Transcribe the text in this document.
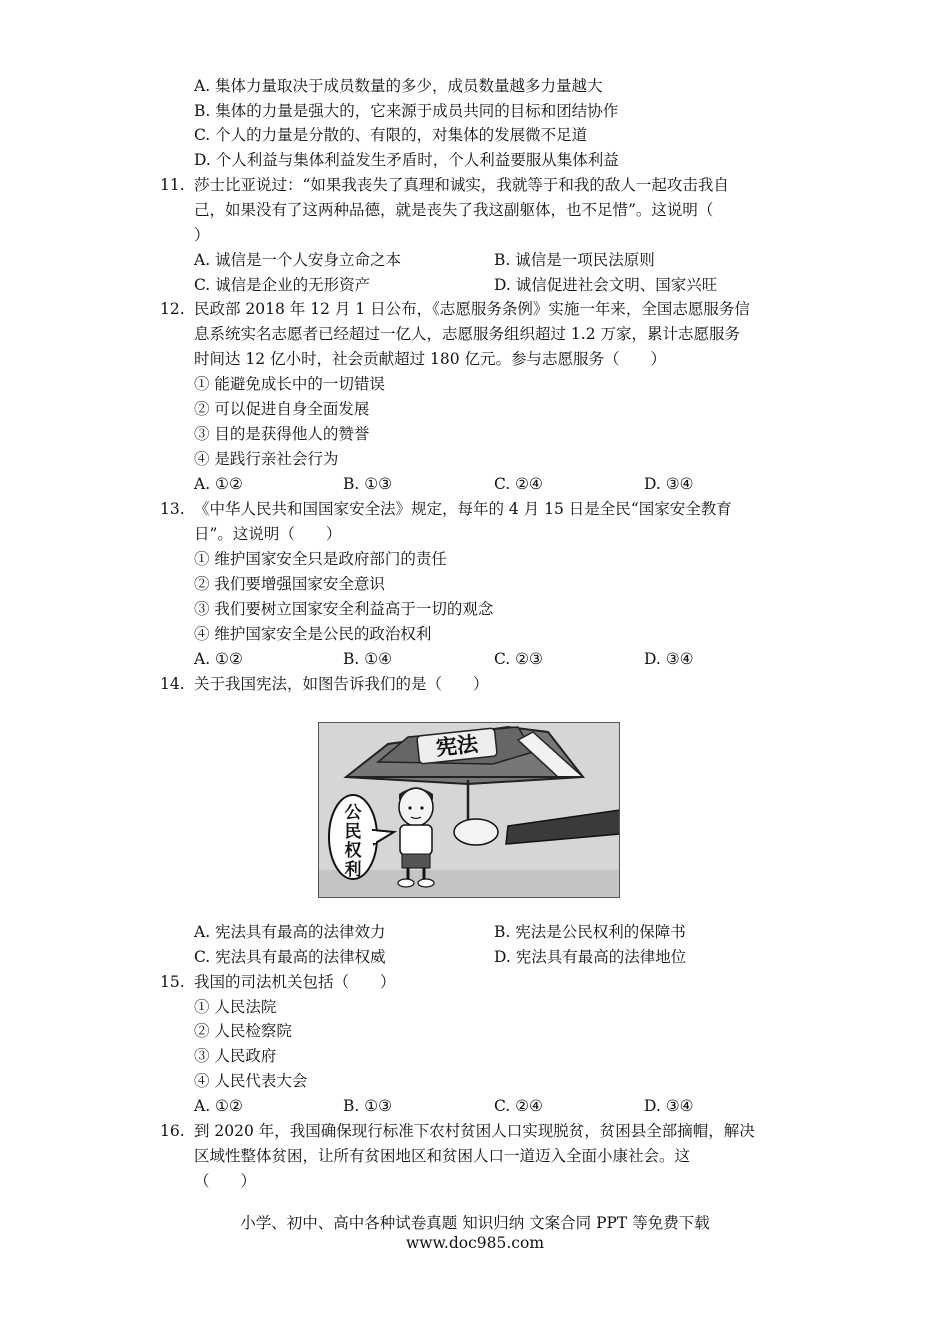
A. 集体力量取决于成员数量的多少，成员数量越多力量越大
B. 集体的力量是强大的，它来源于成员共同的目标和团结协作
C. 个人的力量是分散的、有限的，对集体的发展微不足道
D. 个人利益与集体利益发生矛盾时，个人利益要服从集体利益
11. 莎士比亚说过：“如果我丧失了真理和诚实，我就等于和我的敌人一起攻击我自
己，如果没有了这两种品德，就是丧失了我这副躯体，也不足惜”。这说明（
）
A. 诚信是一个人安身立命之本	B. 诚信是一项民法原则
C. 诚信是企业的无形资产	D. 诚信促进社会文明、国家兴旺
12. 民政部 2018 年 12 月 1 日公布，《志愿服务条例》实施一年来，全国志愿服务信
息系统实名志愿者已经超过一亿人，志愿服务组织超过 1.2 万家，累计志愿服务
时间达 12 亿小时，社会贡献超过 180 亿元。参与志愿服务（　　）
① 能避免成长中的一切错误
② 可以促进自身全面发展
③ 目的是获得他人的赞誉
④ 是践行亲社会行为
A. ①②	B. ①③	C. ②④	D. ③④
13. 《中华人民共和国国家安全法》规定，每年的 4 月 15 日是全民“国家安全教育
日”。这说明（　　）
① 维护国家安全只是政府部门的责任
② 我们要增强国家安全意识
③ 我们要树立国家安全利益高于一切的观念
④ 维护国家安全是公民的政治权利
A. ①②	B. ①④	C. ②③	D. ③④
14. 关于我国宪法，如图告诉我们的是（　　）
宪法
公
民
权
利
A. 宪法具有最高的法律效力	B. 宪法是公民权利的保障书
C. 宪法具有最高的法律权威	D. 宪法具有最高的法律地位
15. 我国的司法机关包括（　　）
① 人民法院
② 人民检察院
③ 人民政府
④ 人民代表大会
A. ①②	B. ①③	C. ②④	D. ③④
16. 到 2020 年，我国确保现行标准下农村贫困人口实现脱贫，贫困县全部摘帽，解决
区域性整体贫困，让所有贫困地区和贫困人口一道迈入全面小康社会。这
（　　）
小学、初中、高中各种试卷真题 知识归纳 文案合同 PPT 等免费下载
www.doc985.com
